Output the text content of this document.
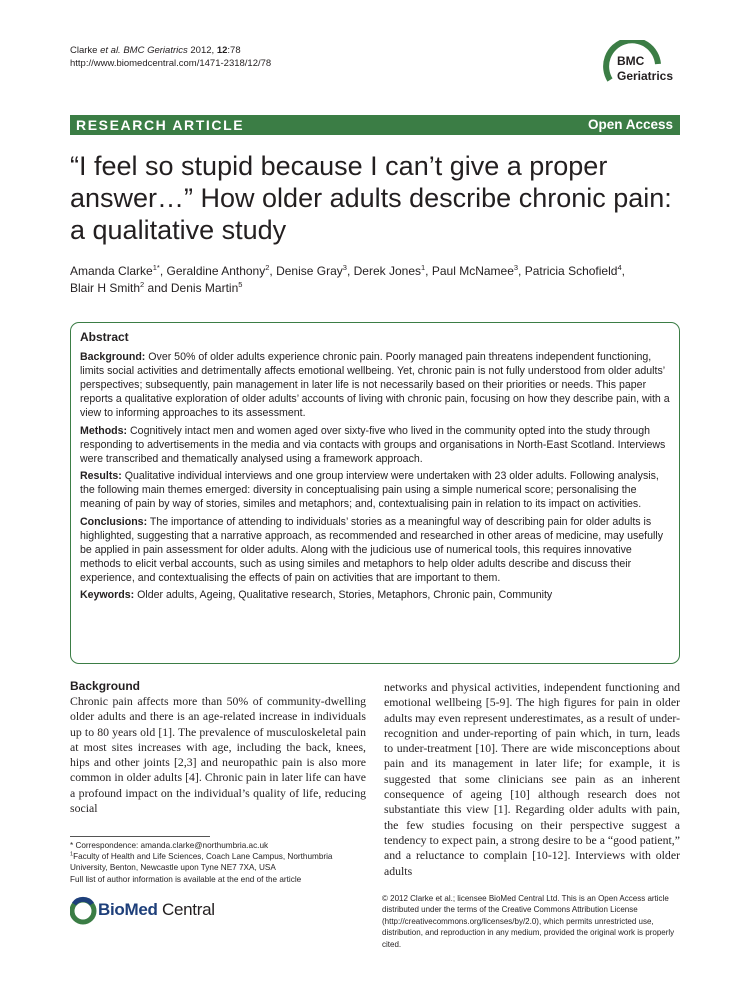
Clarke et al. BMC Geriatrics 2012, 12:78
http://www.biomedcentral.com/1471-2318/12/78	BMC
Geriatrics
RESEARCH ARTICLE	Open Access
“I feel so stupid because I can’t give a proper answer…” How older adults describe chronic pain: a qualitative study
Amanda Clarke$^{1*}$, Geraldine Anthony$^2$, Denise Gray$^3$, Derek Jones$^1$, Paul McNamee$^3$, Patricia Schofield$^4$,
Blair H Smith$^2$ and Denis Martin$^5$
Abstract

Background: Over 50% of older adults experience chronic pain. Poorly managed pain threatens independent functioning, limits social activities and detrimentally affects emotional wellbeing. Yet, chronic pain is not fully understood from older adults’ perspectives; subsequently, pain management in later life is not necessarily based on their priorities or needs. This paper reports a qualitative exploration of older adults’ accounts of living with chronic pain, focusing on how they describe pain, with a view to informing approaches to its assessment.

Methods: Cognitively intact men and women aged over sixty-five who lived in the community opted into the study through responding to advertisements in the media and via contacts with groups and organisations in North-East Scotland. Interviews were transcribed and thematically analysed using a framework approach.

Results: Qualitative individual interviews and one group interview were undertaken with 23 older adults. Following analysis, the following main themes emerged: diversity in conceptualising pain using a simple numerical score; personalising the meaning of pain by way of stories, similes and metaphors; and, contextualising pain in relation to its impact on activities.

Conclusions: The importance of attending to individuals’ stories as a meaningful way of describing pain for older adults is highlighted, suggesting that a narrative approach, as recommended and researched in other areas of medicine, may usefully be applied in pain assessment for older adults. Along with the judicious use of numerical tools, this requires innovative methods to elicit verbal accounts, such as using similes and metaphors to help older adults describe and discuss their experience, and contextualising the effects of pain on activities that are important to them.

Keywords: Older adults, Ageing, Qualitative research, Stories, Metaphors, Chronic pain, Community

Background

Chronic pain affects more than 50% of community-dwelling older adults and there is an age-related increase in individuals up to 80 years old [1]. The prevalence of musculoskeletal pain at most sites increases with age, including the back, knees, hips and other joints [2,3] and neuropathic pain is also more common in older adults [4]. Chronic pain in later life can have a profound impact on the individual’s quality of life, reducing social

networks and physical activities, independent functioning and emotional wellbeing [5-9]. The high figures for pain in older adults may even represent underestimates, as a result of under-recognition and under-reporting of pain which, in turn, leads to under-treatment [10]. There are wide misconceptions about pain and its management in later life; for example, it is suggested that some clinicians see pain as an inherent consequence of ageing [10] although research does not substantiate this view [1]. Regarding older adults with pain, the few studies focusing on their perspective suggest a tendency to expect pain, a strong desire to be a “good patient,” and a reluctance to complain [10-12]. Interviews with older adults

* Correspondence: amanda.clarke@northumbria.ac.uk
$^1$Faculty of Health and Life Sciences, Coach Lane Campus, Northumbria University, Benton, Newcastle upon Tyne NE7 7XA, USA
Full list of author information is available at the end of the article
BioMed Central
© 2012 Clarke et al.; licensee BioMed Central Ltd. This is an Open Access article distributed under the terms of the Creative Commons Attribution License (http://creativecommons.org/licenses/by/2.0), which permits unrestricted use, distribution, and reproduction in any medium, provided the original work is properly cited.
